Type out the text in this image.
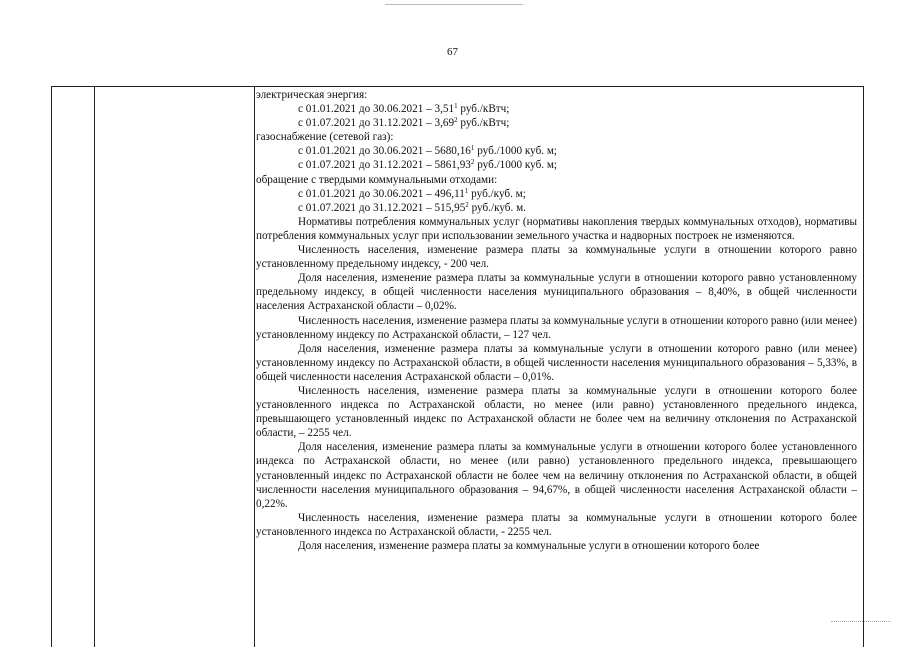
67

электрическая энергия:

с 01.01.2021 до 30.06.2021 – 3,51$^1$ руб./кВтч;

с 01.07.2021 до 31.12.2021 – 3,69$^2$ руб./кВтч;

газоснабжение (сетевой газ):

с 01.01.2021 до 30.06.2021 – 5680,16$^1$ руб./1000 куб. м;

с 01.07.2021 до 31.12.2021 – 5861,93$^2$ руб./1000 куб. м;

обращение с твердыми коммунальными отходами:

с 01.01.2021 до 30.06.2021 – 496,11$^1$ руб./куб. м;

с 01.07.2021 до 31.12.2021 – 515,95$^2$ руб./куб. м.

Нормативы потребления коммунальных услуг (нормативы накопления твердых коммунальных отходов), нормативы потребления коммунальных услуг при использовании земельного участка и надворных построек не изменяются.

Численность населения, изменение размера платы за коммунальные услуги в отношении которого равно установленному предельному индексу, - 200 чел.

Доля населения, изменение размера платы за коммунальные услуги в отношении которого равно установленному предельному индексу, в общей численности населения муниципального образования – 8,40%, в общей численности населения Астраханской области – 0,02%.

Численность населения, изменение размера платы за коммунальные услуги в отношении которого равно (или менее) установленному индексу по Астраханской области, – 127 чел.

Доля населения, изменение размера платы за коммунальные услуги в отношении которого равно (или менее) установленному индексу по Астраханской области, в общей численности населения муниципального образования – 5,33%, в общей численности населения Астраханской области – 0,01%.

Численность населения, изменение размера платы за коммунальные услуги в отношении которого более установленного индекса по Астраханской области, но менее (или равно) установленного предельного индекса, превышающего установленный индекс по Астраханской области не более чем на величину отклонения по Астраханской области, – 2255 чел.

Доля населения, изменение размера платы за коммунальные услуги в отношении которого более установленного индекса по Астраханской области, но менее (или равно) установленного предельного индекса, превышающего установленный индекс по Астраханской области не более чем на величину отклонения по Астраханской области, в общей численности населения муниципального образования – 94,67%, в общей численности населения Астраханской области – 0,22%.

Численность населения, изменение размера платы за коммунальные услуги в отношении которого более установленного индекса по Астраханской области, - 2255 чел.

Доля населения, изменение размера платы за коммунальные услуги в отношении которого более
